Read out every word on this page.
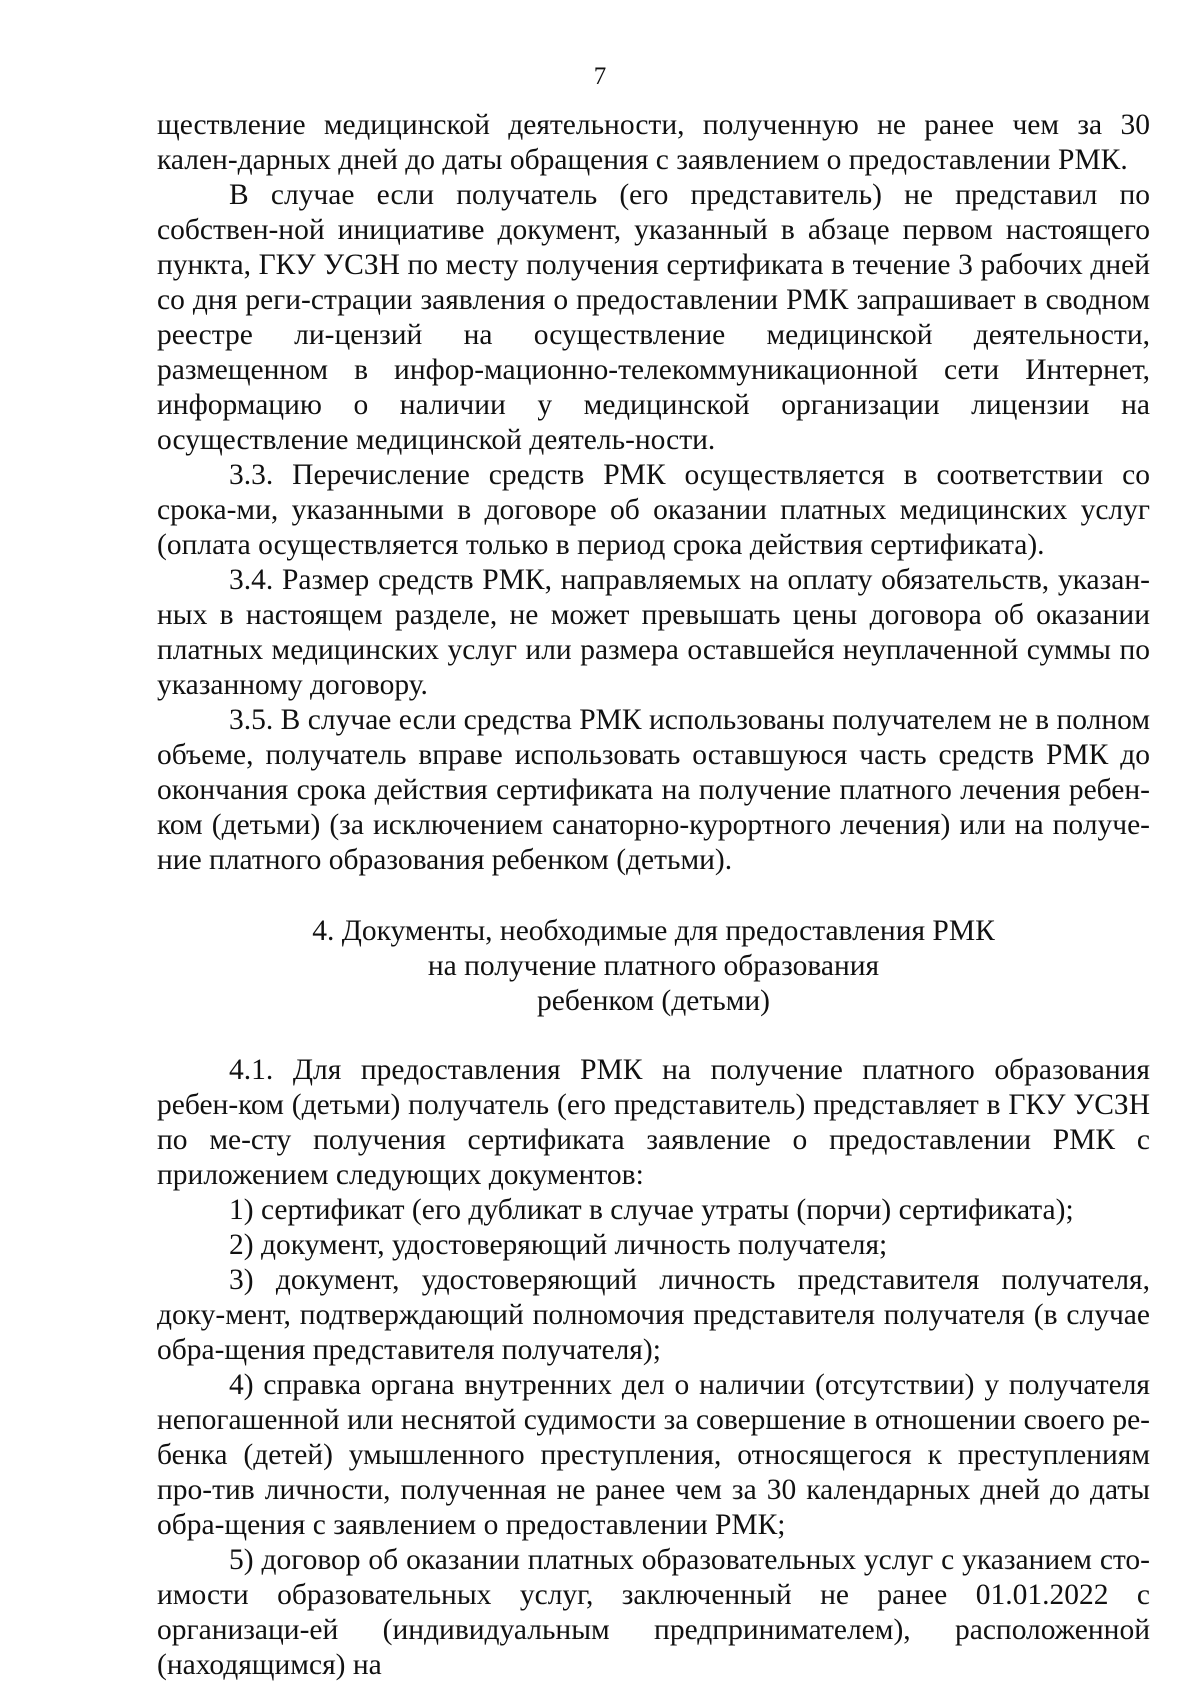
7

ществление медицинской деятельности, полученную не ранее чем за 30 кален-дарных дней до даты обращения с заявлением о предоставлении РМК.

В случае если получатель (его представитель) не представил по собствен-ной инициативе документ, указанный в абзаце первом настоящего пункта, ГКУ УСЗН по месту получения сертификата в течение 3 рабочих дней со дня реги-страции заявления о предоставлении РМК запрашивает в сводном реестре ли-цензий на осуществление медицинской деятельности, размещенном в инфор-мационно-телекоммуникационной сети Интернет, информацию о наличии у медицинской организации лицензии на осуществление медицинской деятель-ности.

3.3. Перечисление средств РМК осуществляется в соответствии со срока-ми, указанными в договоре об оказании платных медицинских услуг (оплата осуществляется только в период срока действия сертификата).

3.4. Размер средств РМК, направляемых на оплату обязательств, указан-ных в настоящем разделе, не может превышать цены договора об оказании платных медицинских услуг или размера оставшейся неуплаченной суммы по указанному договору.

3.5. В случае если средства РМК использованы получателем не в полном объеме, получатель вправе использовать оставшуюся часть средств РМК до окончания срока действия сертификата на получение платного лечения ребен-ком (детьми) (за исключением санаторно-курортного лечения) или на получе-ние платного образования ребенком (детьми).

4. Документы, необходимые для предоставления РМК
на получение платного образования
ребенком (детьми)

4.1. Для предоставления РМК на получение платного образования ребен-ком (детьми) получатель (его представитель) представляет в ГКУ УСЗН по ме-сту получения сертификата заявление о предоставлении РМК с приложением следующих документов:

1) сертификат (его дубликат в случае утраты (порчи) сертификата);

2) документ, удостоверяющий личность получателя;

3) документ, удостоверяющий личность представителя получателя, доку-мент, подтверждающий полномочия представителя получателя (в случае обра-щения представителя получателя);

4) справка органа внутренних дел о наличии (отсутствии) у получателя непогашенной или неснятой судимости за совершение в отношении своего ре-бенка (детей) умышленного преступления, относящегося к преступлениям про-тив личности, полученная не ранее чем за 30 календарных дней до даты обра-щения с заявлением о предоставлении РМК;

5) договор об оказании платных образовательных услуг с указанием сто-имости образовательных услуг, заключенный не ранее 01.01.2022 с организаци-ей (индивидуальным предпринимателем), расположенной (находящимся) на
